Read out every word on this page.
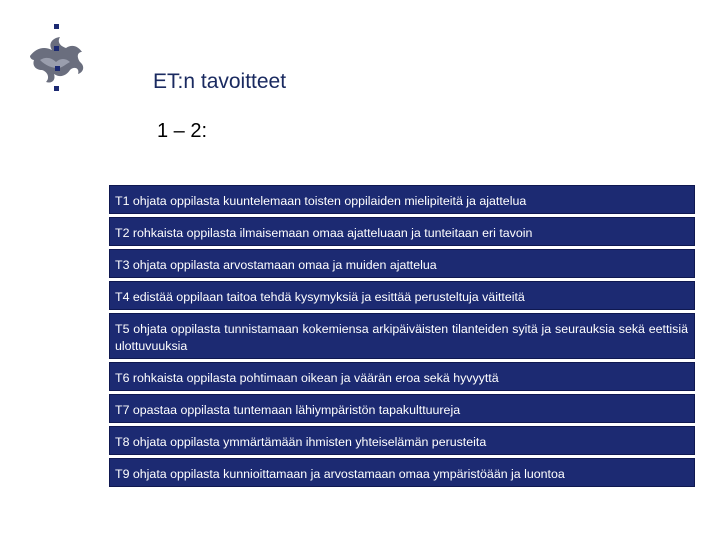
ET:n tavoitteet
1 – 2:
T1 ohjata oppilasta kuuntelemaan toisten oppilaiden mielipiteitä ja ajattelua
T2 rohkaista oppilasta ilmaisemaan omaa ajatteluaan ja tunteitaan eri tavoin
T3 ohjata oppilasta arvostamaan omaa ja muiden ajattelua
T4 edistää oppilaan taitoa tehdä kysymyksiä ja esittää perusteltuja väitteitä
T5 ohjata oppilasta tunnistamaan kokemiensa arkipäiväisten tilanteiden syitä ja seurauksia sekä eettisiä ulottuvuuksia
T6 rohkaista oppilasta pohtimaan oikean ja väärän eroa sekä hyvyyttä
T7 opastaa oppilasta tuntemaan lähiympäristön tapakulttuureja
T8 ohjata oppilasta ymmärtämään ihmisten yhteiselämän perusteita
T9 ohjata oppilasta kunnioittamaan ja arvostamaan omaa ympäristöään ja luontoa
